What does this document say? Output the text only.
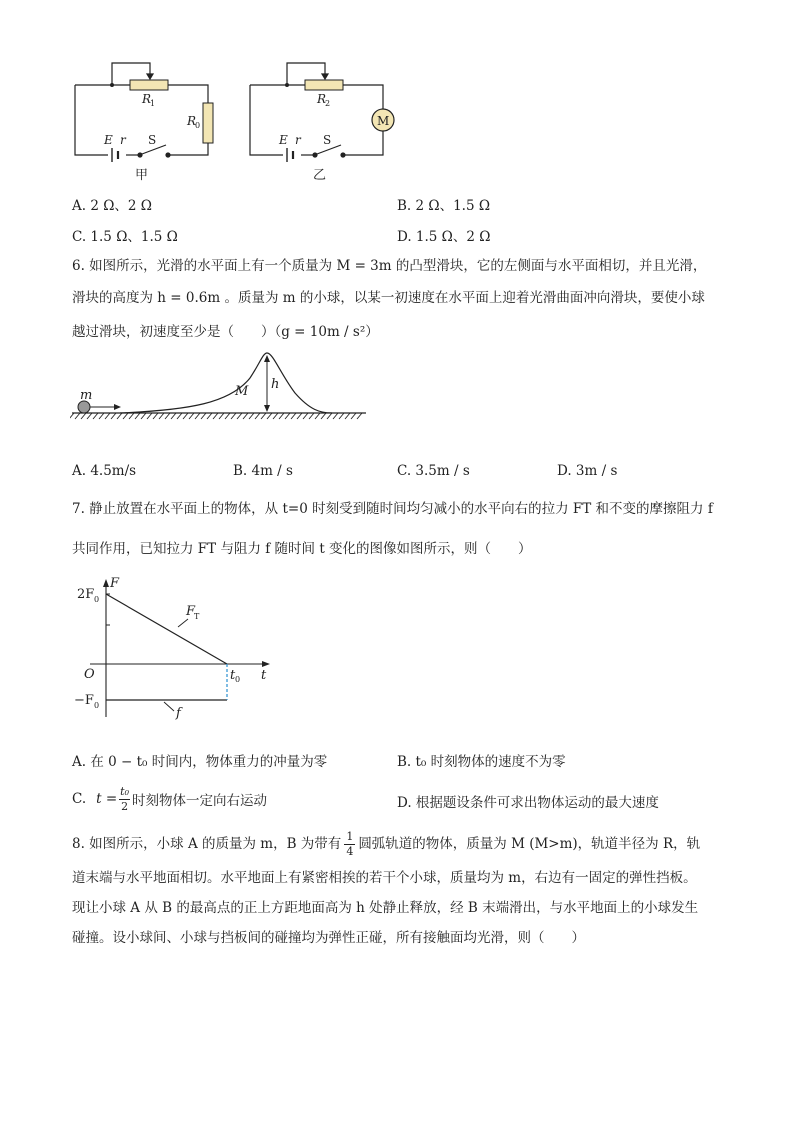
R
1
R
0
E r S
甲
M
R
2
E r S
乙
A. 2 Ω、2 Ω	B. 2 Ω、1.5 Ω
C. 1.5 Ω、1.5 Ω	D. 1.5 Ω、2 Ω
6. 如图所示，光滑的水平面上有一个质量为 M = 3m 的凸型滑块，它的左侧面与水平面相切，并且光滑，
滑块的高度为 h = 0.6m 。质量为 m 的小球，以某一初速度在水平面上迎着光滑曲面冲向滑块，要使小球
越过滑块，初速度至少是（　　）（g = 10m / s²）
h
M
m
A. 4.5m/s	B. 4m / s	C. 3.5m / s	D. 3m / s
7. 静止放置在水平面上的物体，从 t=0 时刻受到随时间均匀减小的水平向右的拉力 FT 和不变的摩擦阻力 f
共同作用，已知拉力 FT 与阻力 f 随时间 t 变化的图像如图所示，则（　　）
F
t
O
2F 0
−F 0
F
T
f
t 0
A. 在 0 − t₀ 时间内，物体重力的冲量为零	B. t₀ 时刻物体的速度不为零
C. $t = \frac{\text{t₀}}{2}$ 时刻物体一定向右运动	D. 根据题设条件可求出物体运动的最大速度
8. 如图所示，小球 A 的质量为 m，B 为带有 1
4 圆弧轨道的物体，质量为 M (M>m)，轨道半径为 R，轨
道末端与水平地面相切。水平地面上有紧密相挨的若干个小球，质量均为 m，右边有一固定的弹性挡板。
现让小球 A 从 B 的最高点的正上方距地面高为 h 处静止释放，经 B 末端滑出，与水平地面上的小球发生
碰撞。设小球间、小球与挡板间的碰撞均为弹性正碰，所有接触面均光滑，则（　　）
